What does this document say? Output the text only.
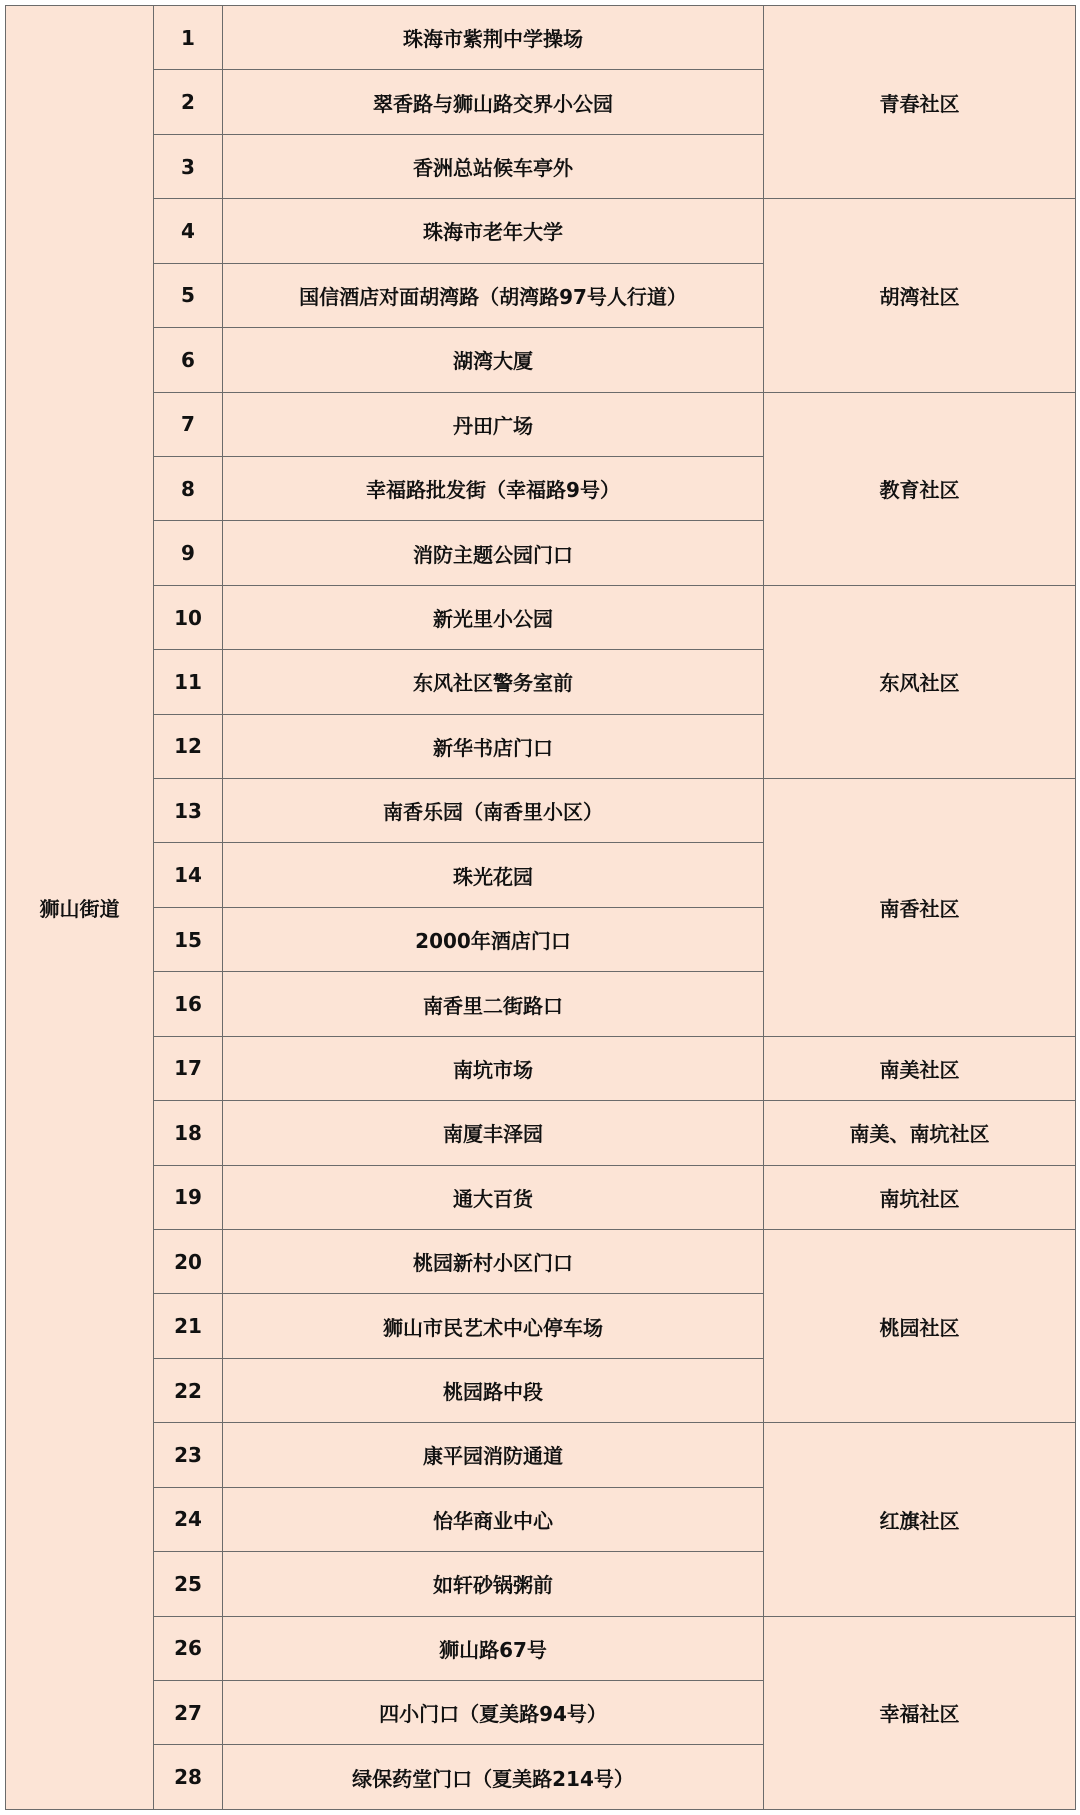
狮山街道	1	珠海市紫荆中学操场	青春社区
	2	翠香路与狮山路交界小公园	
	3	香洲总站候车亭外	
	4	珠海市老年大学	胡湾社区
	5	国信酒店对面胡湾路（胡湾路97号人行道）	
	6	湖湾大厦	
	7	丹田广场	教育社区
	8	幸福路批发街（幸福路9号）	
	9	消防主题公园门口	
	10	新光里小公园	东风社区
	11	东风社区警务室前	
	12	新华书店门口	
	13	南香乐园（南香里小区）	南香社区
	14	珠光花园	
	15	2000年酒店门口	
	16	南香里二街路口	
	17	南坑市场	南美社区
	18	南厦丰泽园	南美、南坑社区
	19	通大百货	南坑社区
	20	桃园新村小区门口	桃园社区
	21	狮山市民艺术中心停车场	
	22	桃园路中段	
	23	康平园消防通道	红旗社区
	24	怡华商业中心	
	25	如轩砂锅粥前	
	26	狮山路67号	幸福社区
	27	四小门口（夏美路94号）	
	28	绿保药堂门口（夏美路214号）	
